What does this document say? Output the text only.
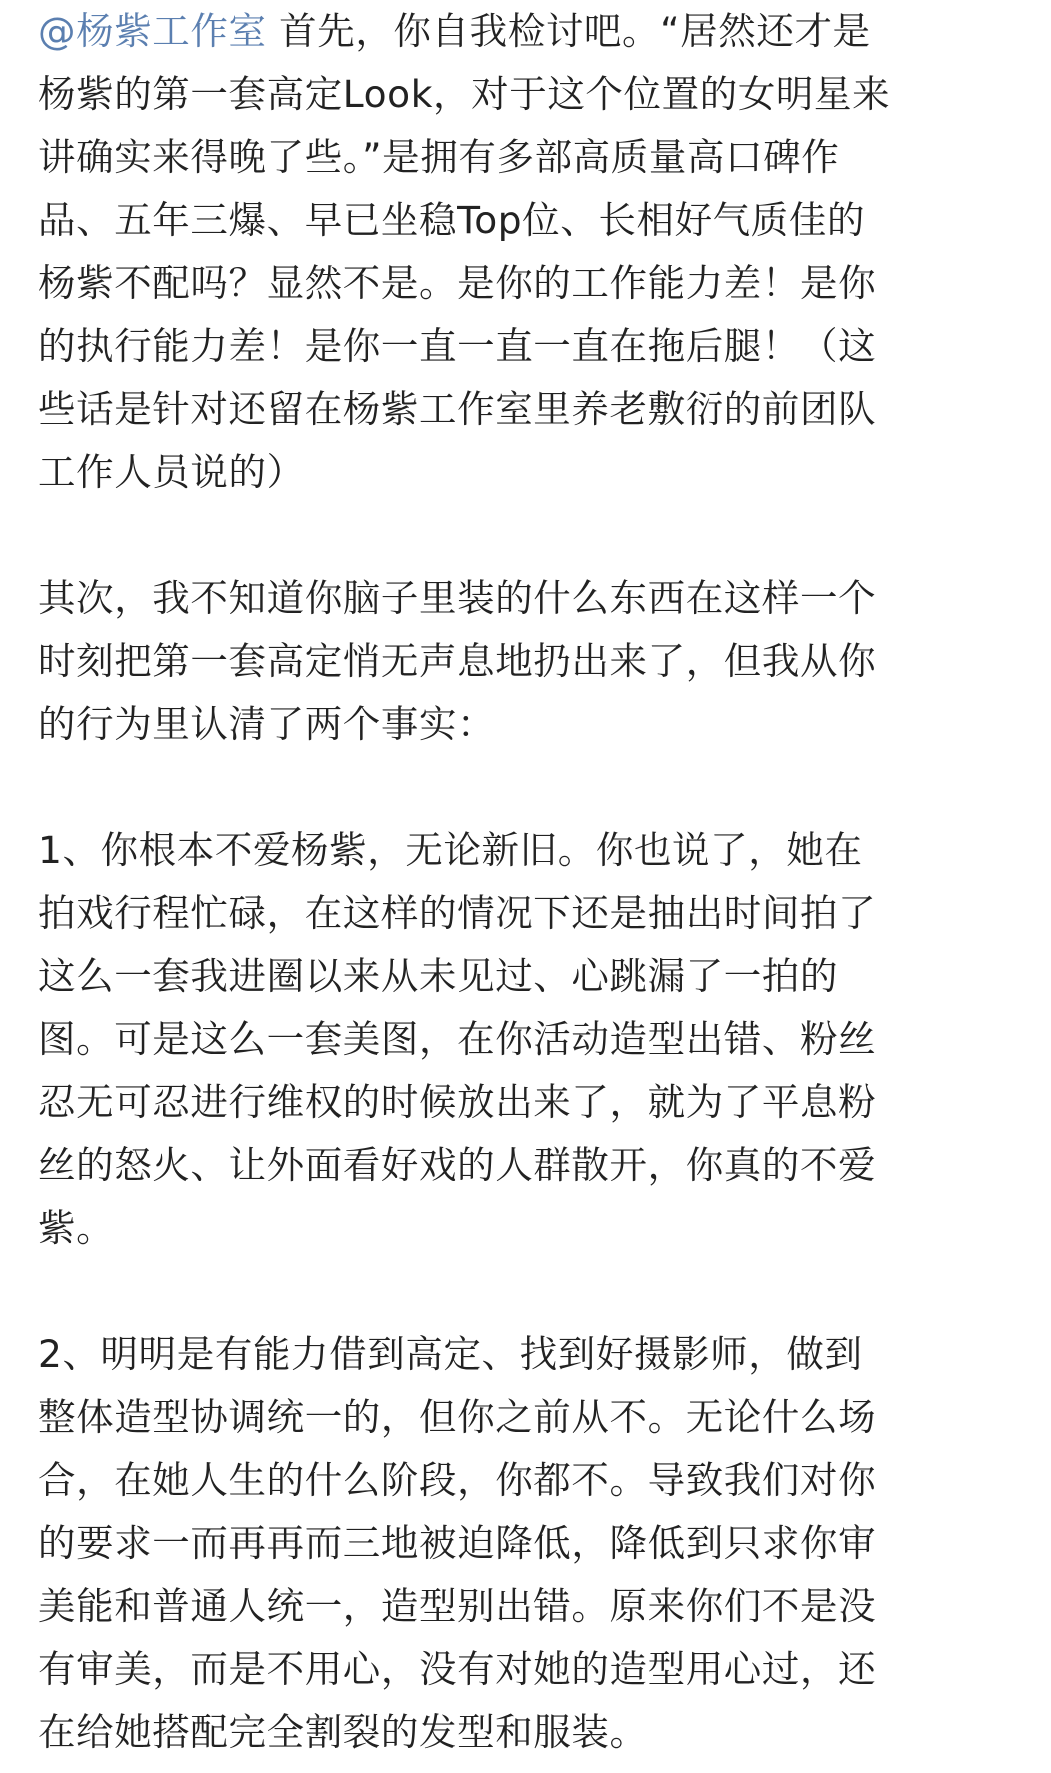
@杨紫工作室 首先，你自我检讨吧。“居然还才是
杨紫的第一套高定Look，对于这个位置的女明星来
讲确实来得晚了些。”是拥有多部高质量高口碑作
品、五年三爆、早已坐稳Top位、长相好气质佳的
杨紫不配吗？显然不是。是你的工作能力差！是你
的执行能力差！是你一直一直一直在拖后腿！（这
些话是针对还留在杨紫工作室里养老敷衍的前团队
工作人员说的）
其次，我不知道你脑子里装的什么东西在这样一个
时刻把第一套高定悄无声息地扔出来了，但我从你
的行为里认清了两个事实：
1、你根本不爱杨紫，无论新旧。你也说了，她在
拍戏行程忙碌，在这样的情况下还是抽出时间拍了
这么一套我进圈以来从未见过、心跳漏了一拍的
图。可是这么一套美图，在你活动造型出错、粉丝
忍无可忍进行维权的时候放出来了，就为了平息粉
丝的怒火、让外面看好戏的人群散开，你真的不爱
紫。
2、明明是有能力借到高定、找到好摄影师，做到
整体造型协调统一的，但你之前从不。无论什么场
合，在她人生的什么阶段，你都不。导致我们对你
的要求一而再再而三地被迫降低，降低到只求你审
美能和普通人统一，造型别出错。原来你们不是没
有审美，而是不用心，没有对她的造型用心过，还
在给她搭配完全割裂的发型和服装。
